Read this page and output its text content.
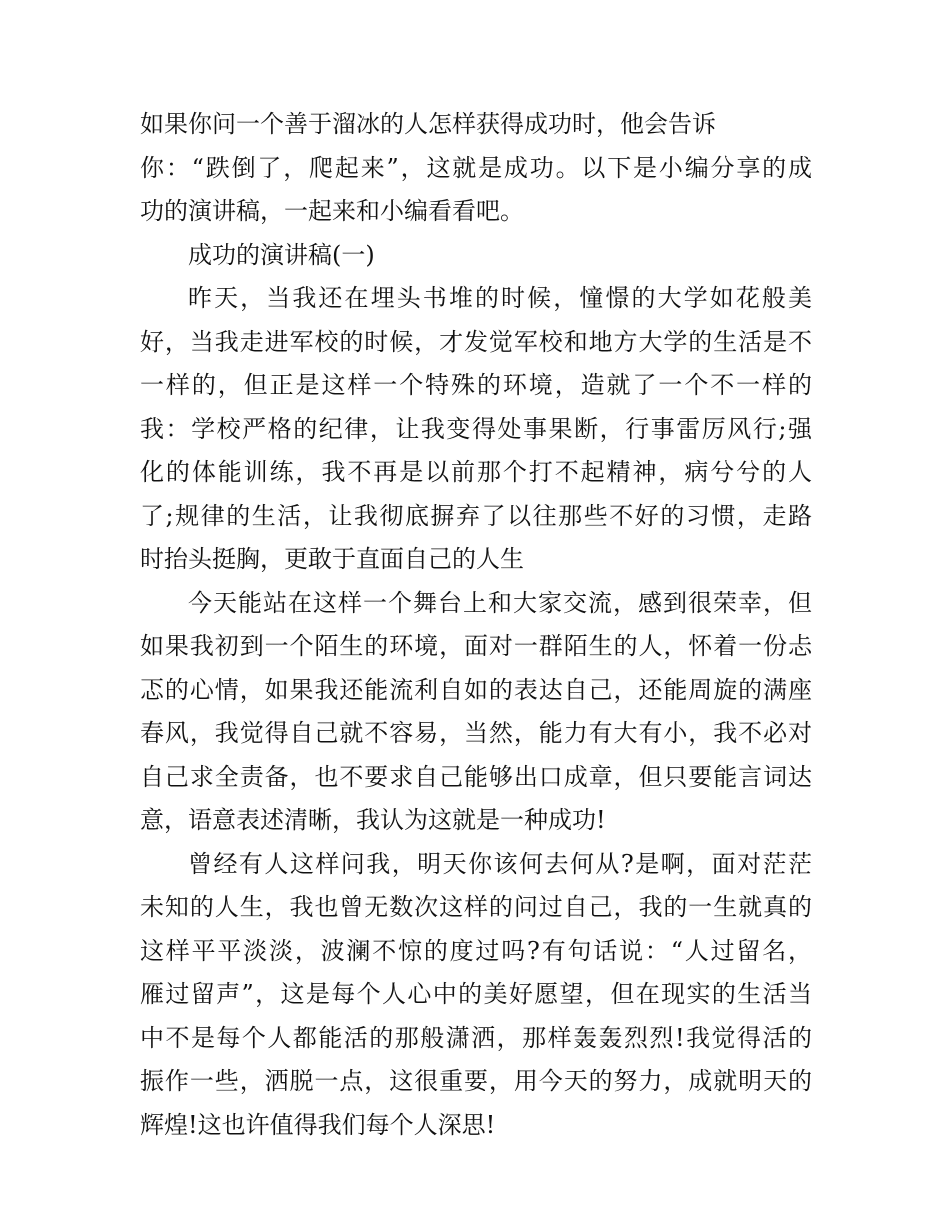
如果你问一个善于溜冰的人怎样获得成功时，他会告诉
你：“跌倒了，爬起来”，这就是成功。以下是小编分享的成
功的演讲稿，一起来和小编看看吧。
成功的演讲稿(一)
昨天，当我还在埋头书堆的时候，憧憬的大学如花般美
好，当我走进军校的时候，才发觉军校和地方大学的生活是不
一样的，但正是这样一个特殊的环境，造就了一个不一样的
我：学校严格的纪律，让我变得处事果断，行事雷厉风行;强
化的体能训练，我不再是以前那个打不起精神，病兮兮的人
了;规律的生活，让我彻底摒弃了以往那些不好的习惯，走路
时抬头挺胸，更敢于直面自己的人生
今天能站在这样一个舞台上和大家交流，感到很荣幸，但
如果我初到一个陌生的环境，面对一群陌生的人，怀着一份忐
忑的心情，如果我还能流利自如的表达自己，还能周旋的满座
春风，我觉得自己就不容易，当然，能力有大有小，我不必对
自己求全责备，也不要求自己能够出口成章，但只要能言词达
意，语意表述清晰，我认为这就是一种成功!
曾经有人这样问我，明天你该何去何从?是啊，面对茫茫
未知的人生，我也曾无数次这样的问过自己，我的一生就真的
这样平平淡淡，波澜不惊的度过吗?有句话说：“人过留名，
雁过留声”，这是每个人心中的美好愿望，但在现实的生活当
中不是每个人都能活的那般潇洒，那样轰轰烈烈!我觉得活的
振作一些，洒脱一点，这很重要，用今天的努力，成就明天的
辉煌!这也许值得我们每个人深思!
